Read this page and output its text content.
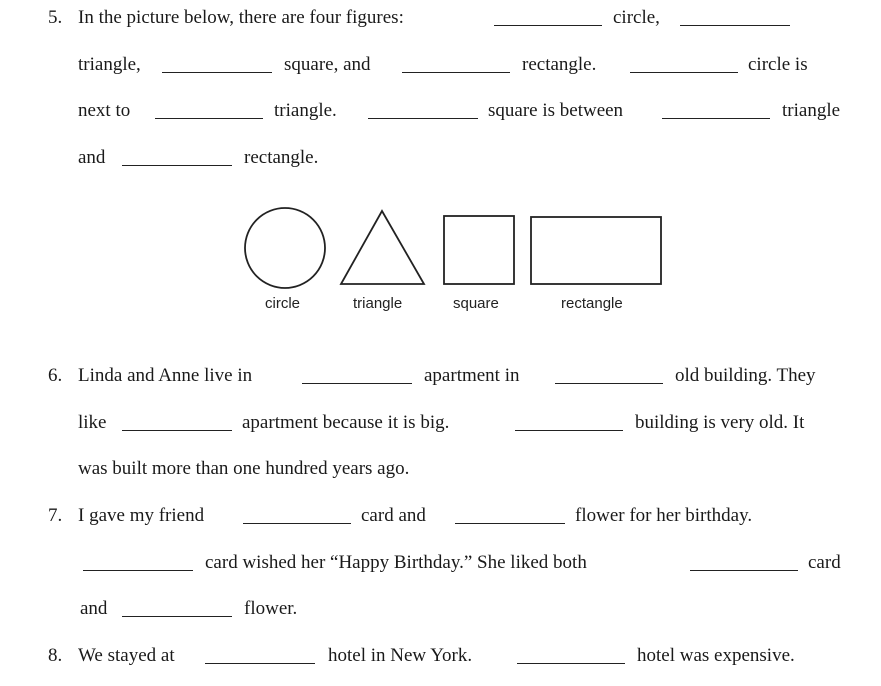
5. In the picture below, there are four figures:	circle,
triangle,	square, and	rectangle.	circle is
next to	triangle.	square is between	triangle
and	rectangle.
circle	triangle	square	rectangle
6. Linda and Anne live in	apartment in	old building. They
like	apartment because it is big.	building is very old. It
was built more than one hundred years ago.
7. I gave my friend	card and	flower for her birthday.
card wished her “Happy Birthday.” She liked both	card
and	flower.
8. We stayed at	hotel in New York.	hotel was expensive.
